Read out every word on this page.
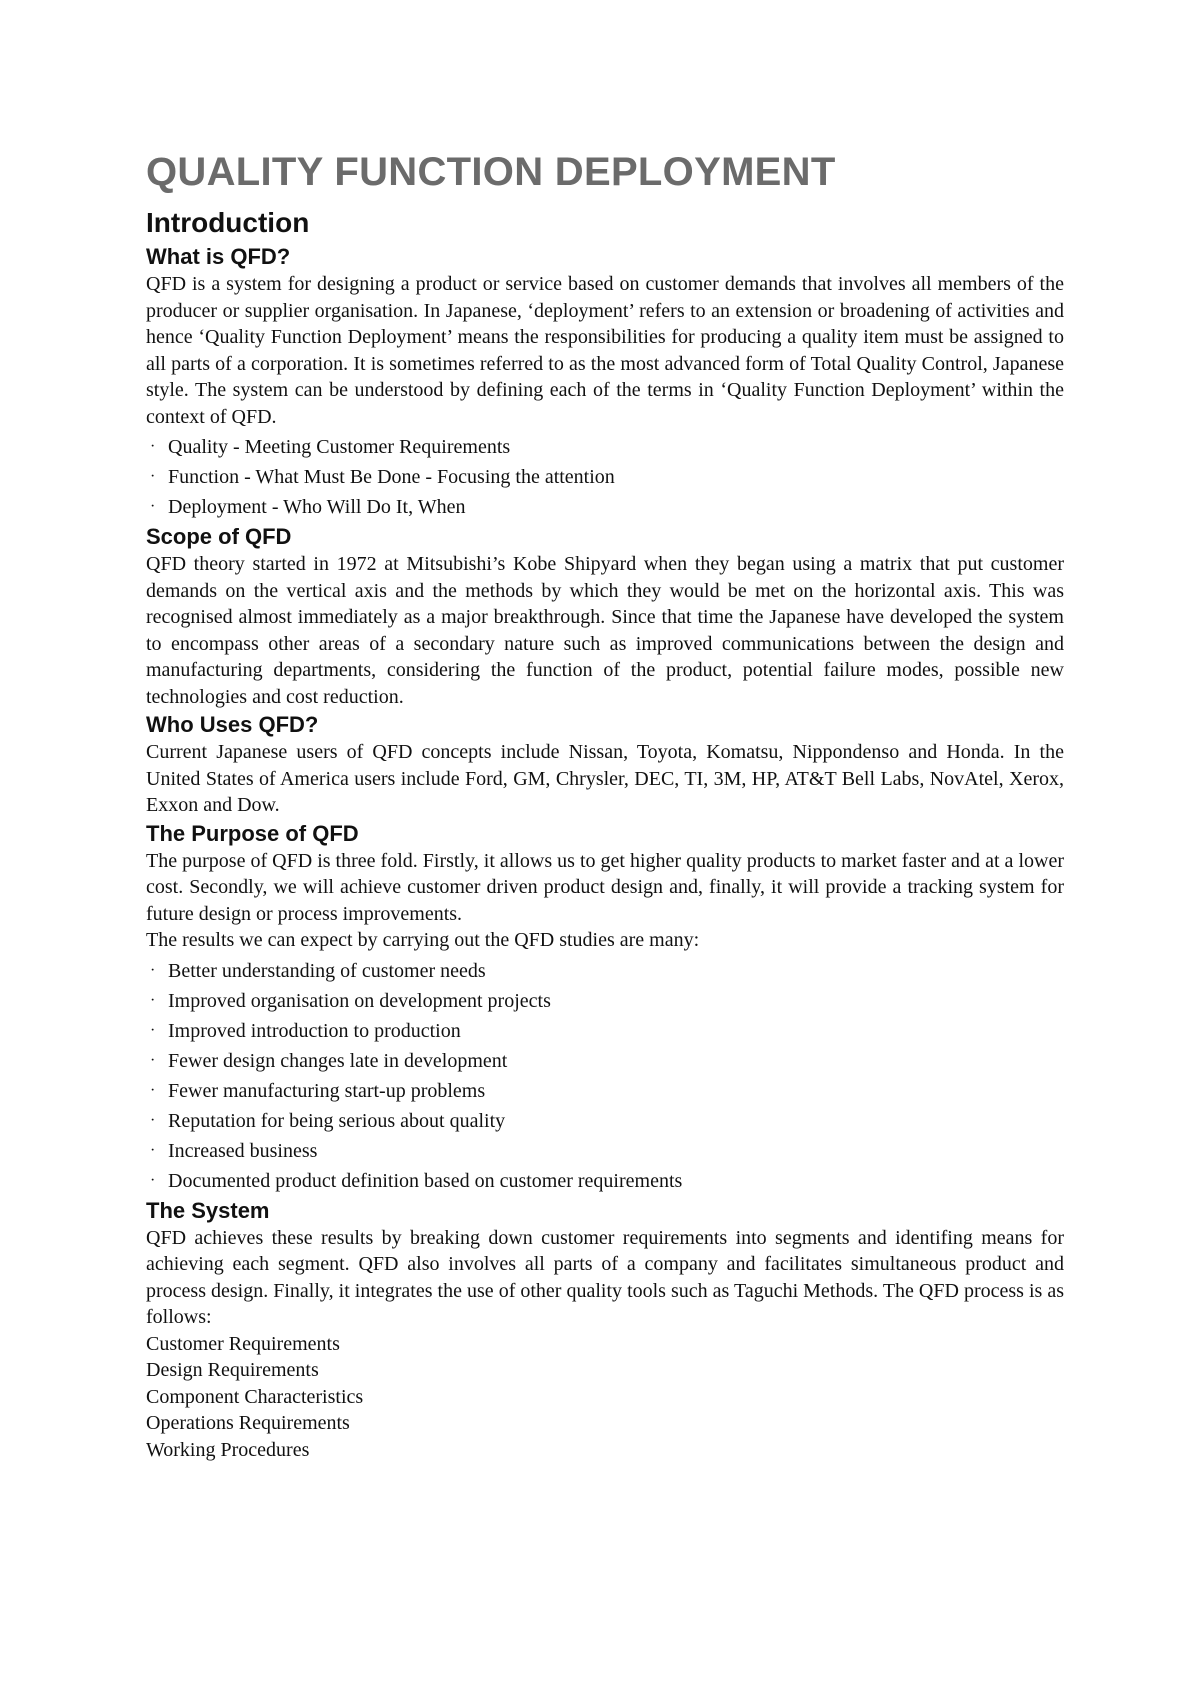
QUALITY FUNCTION DEPLOYMENT
Introduction
What is QFD?

QFD is a system for designing a product or service based on customer demands that involves all members of the producer or supplier organisation. In Japanese, ‘deployment’ refers to an extension or broadening of activities and hence ‘Quality Function Deployment’ means the responsibilities for producing a quality item must be assigned to all parts of a corporation. It is sometimes referred to as the most advanced form of Total Quality Control, Japanese style. The system can be understood by defining each of the terms in ‘Quality Function Deployment’ within the context of QFD.

· Quality - Meeting Customer Requirements
· Function - What Must Be Done - Focusing the attention
· Deployment - Who Will Do It, When
Scope of QFD

QFD theory started in 1972 at Mitsubishi’s Kobe Shipyard when they began using a matrix that put customer demands on the vertical axis and the methods by which they would be met on the horizontal axis. This was recognised almost immediately as a major breakthrough. Since that time the Japanese have developed the system to encompass other areas of a secondary nature such as improved communications between the design and manufacturing departments, considering the function of the product, potential failure modes, possible new technologies and cost reduction.

Who Uses QFD?

Current Japanese users of QFD concepts include Nissan, Toyota, Komatsu, Nippondenso and Honda. In the United States of America users include Ford, GM, Chrysler, DEC, TI, 3M, HP, AT&T Bell Labs, NovAtel, Xerox, Exxon and Dow.

The Purpose of QFD

The purpose of QFD is three fold. Firstly, it allows us to get higher quality products to market faster and at a lower cost. Secondly, we will achieve customer driven product design and, finally, it will provide a tracking system for future design or process improvements.

The results we can expect by carrying out the QFD studies are many:

· Better understanding of customer needs
· Improved organisation on development projects
· Improved introduction to production
· Fewer design changes late in development
· Fewer manufacturing start-up problems
· Reputation for being serious about quality
· Increased business
· Documented product definition based on customer requirements
The System

QFD achieves these results by breaking down customer requirements into segments and identifing means for achieving each segment. QFD also involves all parts of a company and facilitates simultaneous product and process design. Finally, it integrates the use of other quality tools such as Taguchi Methods. The QFD process is as follows:

Customer Requirements
Design Requirements
Component Characteristics
Operations Requirements
Working Procedures
